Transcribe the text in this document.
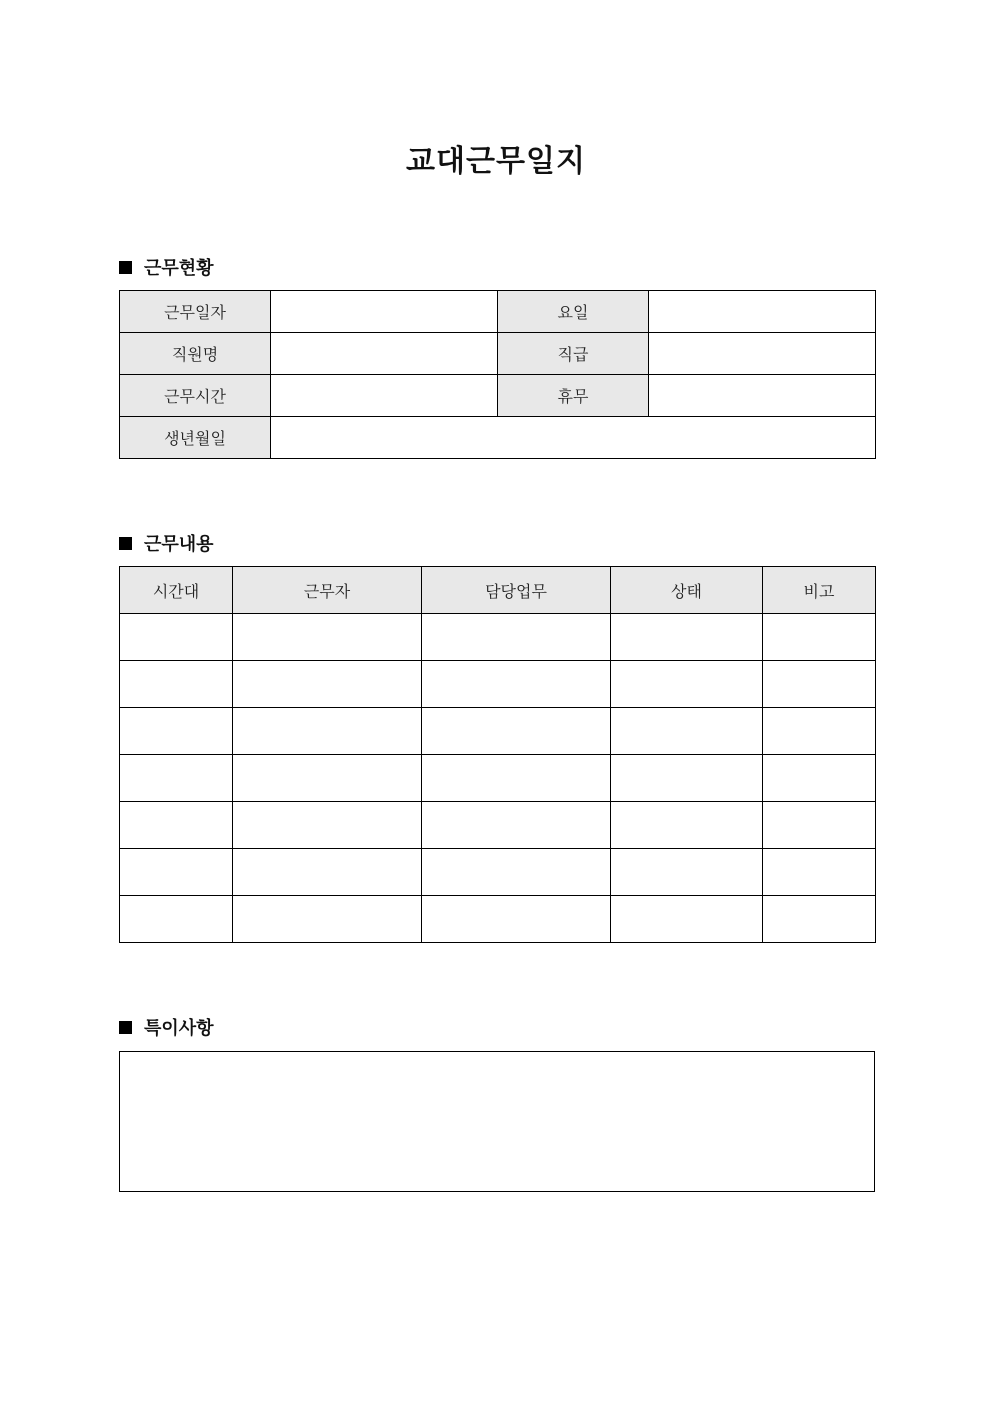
교대근무일지
근무현황
근무일자		요일	
직원명		직급	
근무시간		휴무	
생년월일			
근무내용
시간대	근무자	담당업무	상태	비고

특이사항
